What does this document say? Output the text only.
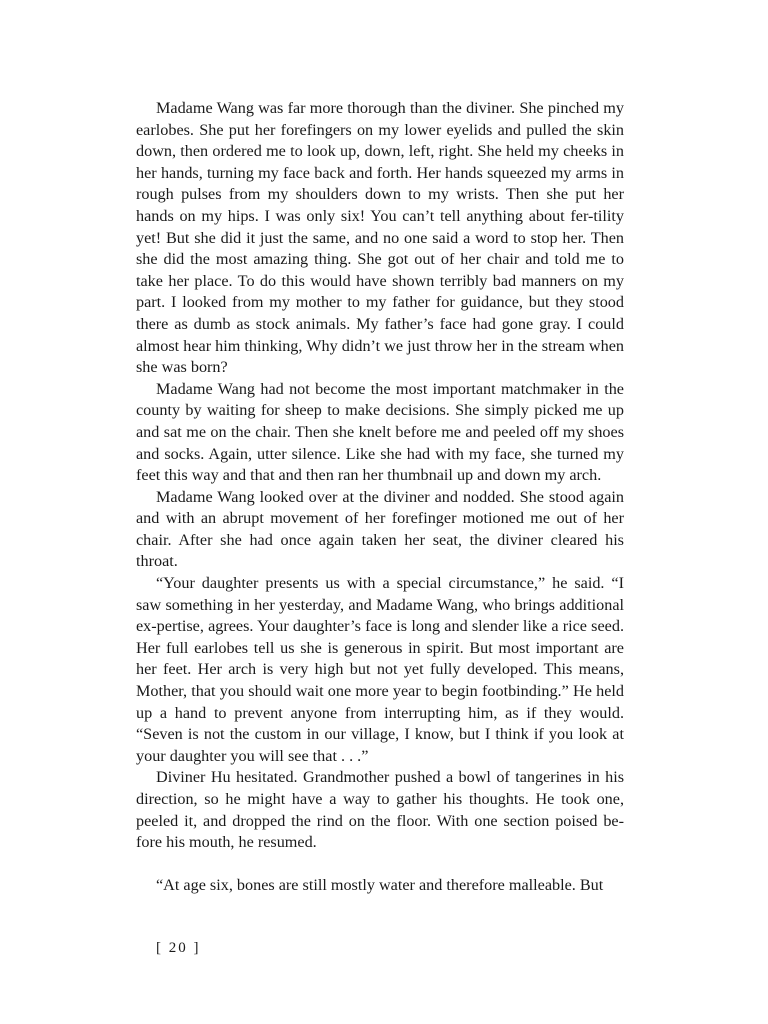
Madame Wang was far more thorough than the diviner. She pinched my earlobes. She put her forefingers on my lower eyelids and pulled the skin down, then ordered me to look up, down, left, right. She held my cheeks in her hands, turning my face back and forth. Her hands squeezed my arms in rough pulses from my shoulders down to my wrists. Then she put her hands on my hips. I was only six! You can’t tell anything about fer-tility yet! But she did it just the same, and no one said a word to stop her. Then she did the most amazing thing. She got out of her chair and told me to take her place. To do this would have shown terribly bad manners on my part. I looked from my mother to my father for guidance, but they stood there as dumb as stock animals. My father’s face had gone gray. I could almost hear him thinking, Why didn’t we just throw her in the stream when she was born?

Madame Wang had not become the most important matchmaker in the county by waiting for sheep to make decisions. She simply picked me up and sat me on the chair. Then she knelt before me and peeled off my shoes and socks. Again, utter silence. Like she had with my face, she turned my feet this way and that and then ran her thumbnail up and down my arch.

Madame Wang looked over at the diviner and nodded. She stood again and with an abrupt movement of her forefinger motioned me out of her chair. After she had once again taken her seat, the diviner cleared his throat.

“Your daughter presents us with a special circumstance,” he said. “I saw something in her yesterday, and Madame Wang, who brings additional ex-pertise, agrees. Your daughter’s face is long and slender like a rice seed. Her full earlobes tell us she is generous in spirit. But most important are her feet. Her arch is very high but not yet fully developed. This means, Mother, that you should wait one more year to begin footbinding.” He held up a hand to prevent anyone from interrupting him, as if they would. “Seven is not the custom in our village, I know, but I think if you look at your daughter you will see that . . .”

Diviner Hu hesitated. Grandmother pushed a bowl of tangerines in his direction, so he might have a way to gather his thoughts. He took one, peeled it, and dropped the rind on the floor. With one section poised be-fore his mouth, he resumed.

“At age six, bones are still mostly water and therefore malleable. But

[ 20 ]
